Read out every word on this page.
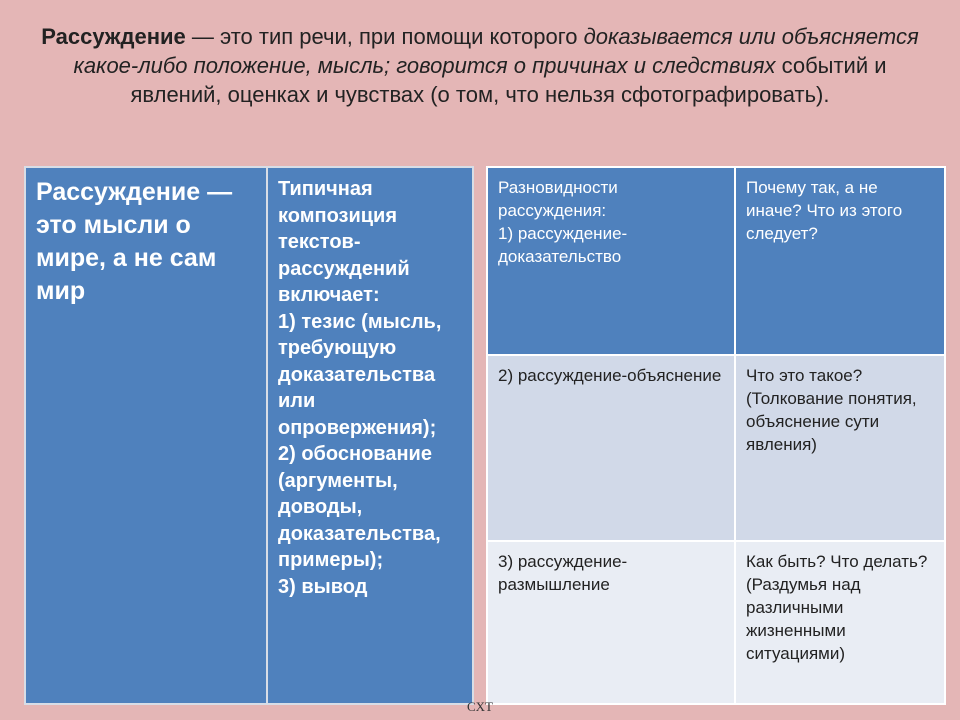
Рассуждение — это тип речи, при помощи которого доказывается или объясняется какое-либо положение, мысль; говорится о причинах и следствиях событий и явлений, оценках и чувствах (о том, что нельзя сфотографировать).
Рассуждение — это мысли о мире, а не сам мир	Типичная композиция текстов-рассуждений включает:
1) тезис (мысль, требующую доказательства или опровержения);
2) обоснование (аргументы, доводы, доказательства, примеры);
3) вывод
Разновидности рассуждения:
1) рассуждение-доказательство	Почему так, а не иначе? Что из этого следует?
2) рассуждение-объяснение	Что это такое? (Толкование понятия, объяснение сути явления)
3) рассуждение-размышление	Как быть? Что делать? (Раздумья над различными жизненными ситуациями)
CXT
